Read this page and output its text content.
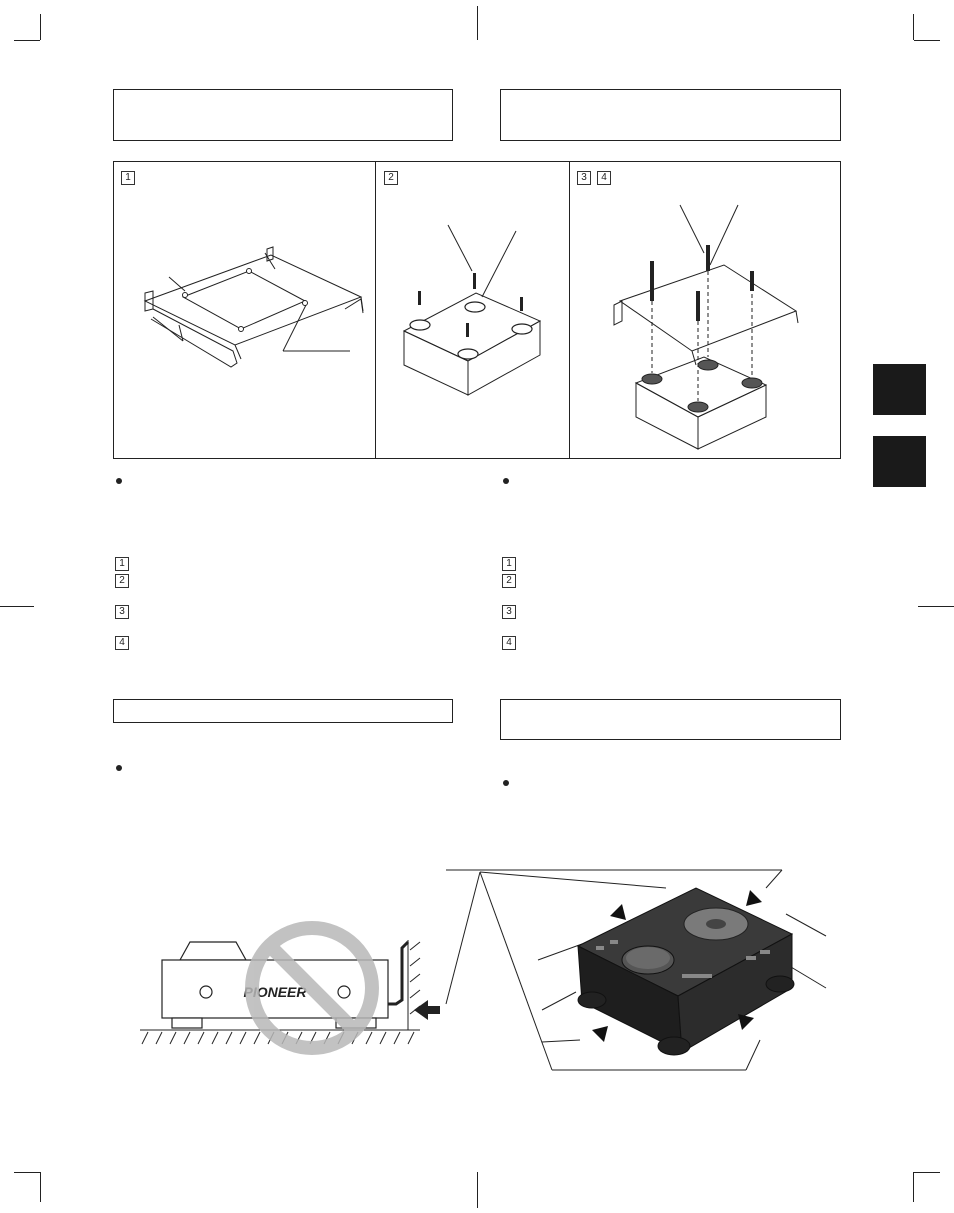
1	2	3	4
1
2
3
4
1
2
3
4
PIONEER
